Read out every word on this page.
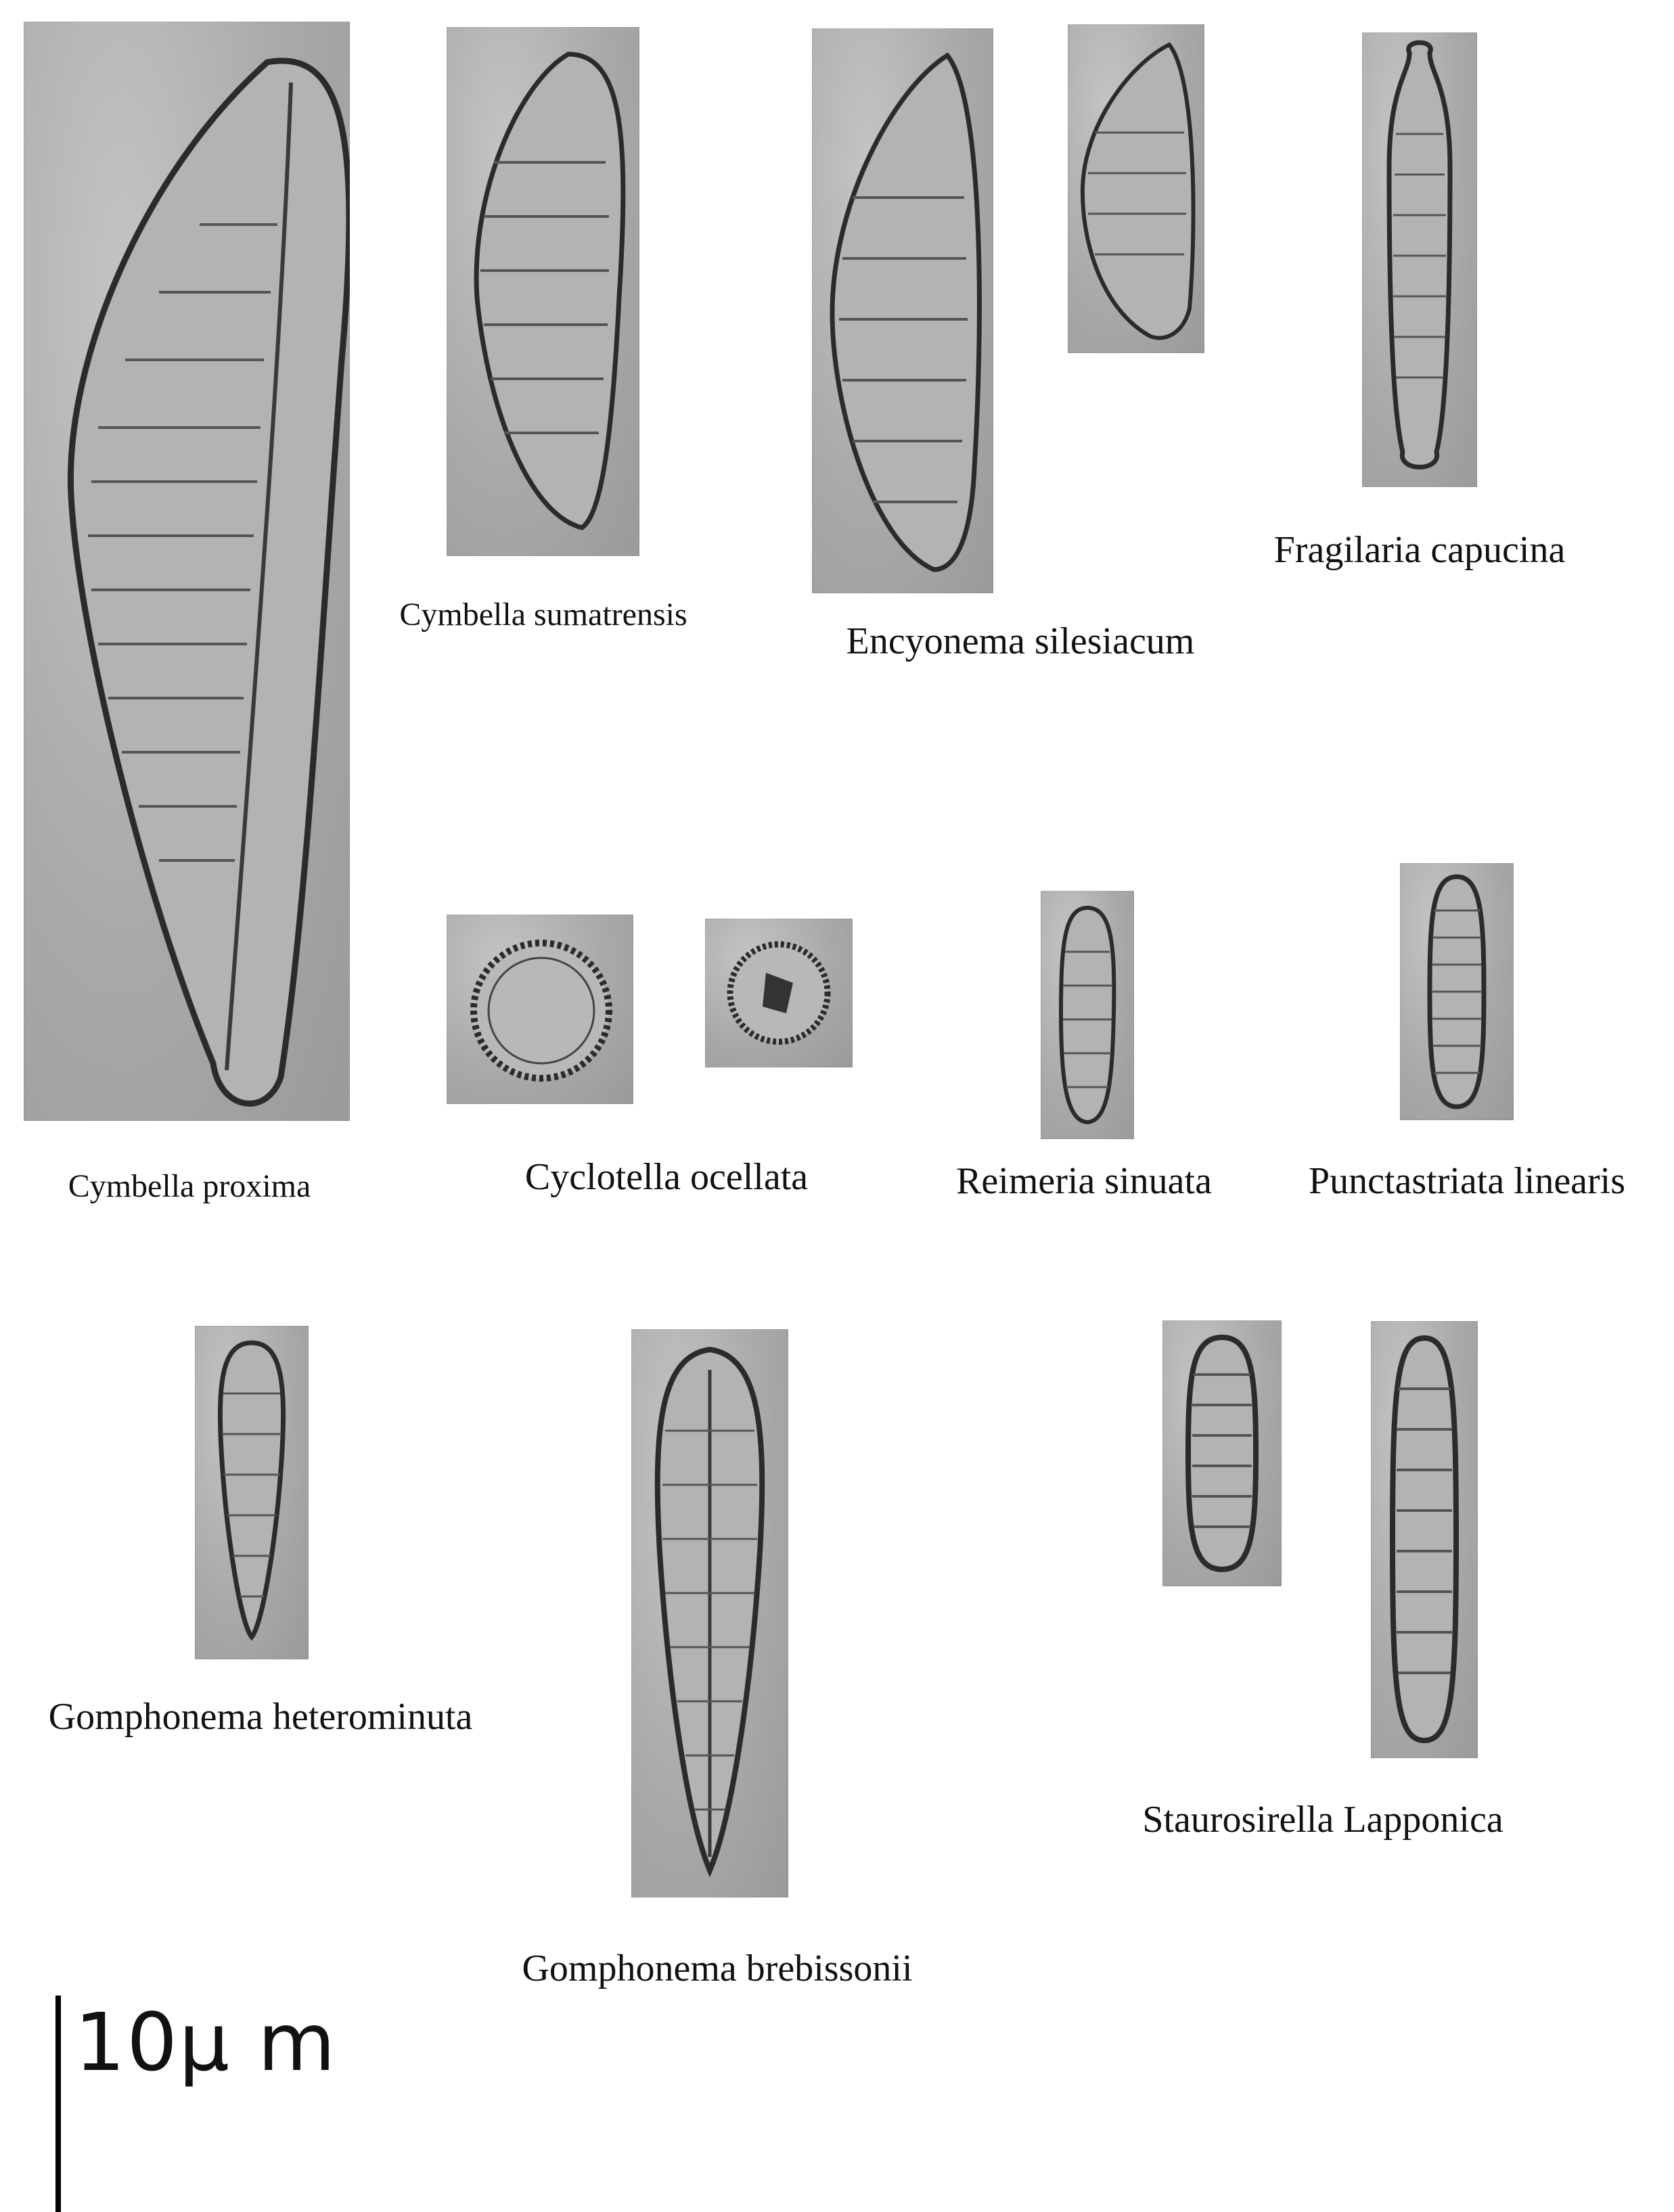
Cymbella proxima
Cymbella sumatrensis
Encyonema silesiacum
Fragilaria capucina
Cyclotella ocellata	Reimeria sinuata	Punctastriata linearis
Gomphonema heterominuta
Gomphonema brebissonii
Staurosirella Lapponica
10μ m
